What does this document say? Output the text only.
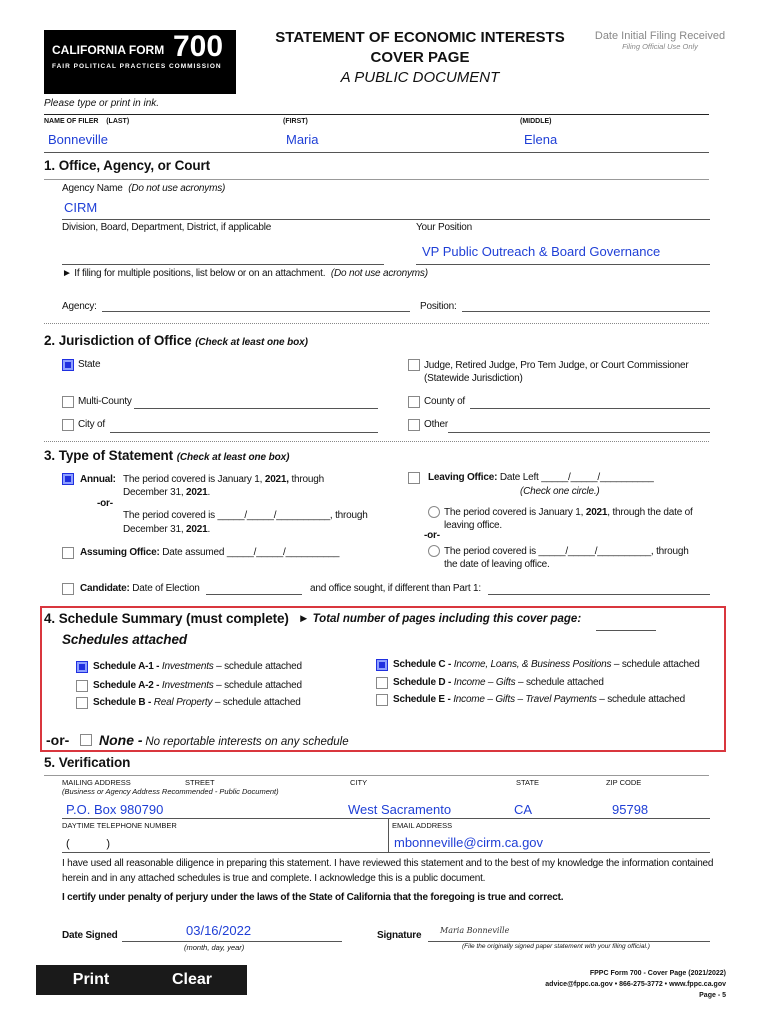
CALIFORNIA FORM 700
FAIR POLITICAL PRACTICES COMMISSION
STATEMENT OF ECONOMIC INTERESTS
COVER PAGE
A PUBLIC DOCUMENT
Date Initial Filing Received
Filing Official Use Only
Please type or print in ink.
NAME OF FILER    (LAST)	(FIRST)	(MIDDLE)
Bonneville	Maria	Elena
1. Office, Agency, or Court
Agency Name (Do not use acronyms)
CIRM
Division, Board, Department, District, if applicable	Your Position
VP Public Outreach & Board Governance
► If filing for multiple positions, list below or on an attachment. (Do not use acronyms)
Agency:	Position:
2. Jurisdiction of Office (Check at least one box)
State	Judge, Retired Judge, Pro Tem Judge, or Court Commissioner
(Statewide Jurisdiction)
Multi-County	County of
City of	Other
3. Type of Statement (Check at least one box)
Annual: The period covered is January 1, 2021, through
December 31, 2021.
-or-
The period covered is _____/_____/__________, through
December 31, 2021.
Leaving Office: Date Left _____/_____/__________
(Check one circle.)
The period covered is January 1, 2021, through the date of
leaving office.
-or-
The period covered is _____/_____/__________, through
the date of leaving office.
Assuming Office: Date assumed _____/_____/__________
Candidate: Date of Election	and office sought, if different than Part 1:
4. Schedule Summary (must complete) ► Total number of pages including this cover page:
Schedules attached
Schedule A-1 - Investments – schedule attached
Schedule A-2 - Investments – schedule attached
Schedule B - Real Property – schedule attached
Schedule C - Income, Loans, & Business Positions – schedule attached
Schedule D - Income – Gifts – schedule attached
Schedule E - Income – Gifts – Travel Payments – schedule attached
-or- None - No reportable interests on any schedule
5. Verification
MAILING ADDRESS	STREET	CITY	STATE	ZIP CODE
(Business or Agency Address Recommended - Public Document)
P.O. Box 980790	West Sacramento	CA	95798
DAYTIME TELEPHONE NUMBER	EMAIL ADDRESS
(            )	mbonneville@cirm.ca.gov
I have used all reasonable diligence in preparing this statement. I have reviewed this statement and to the best of my knowledge the information contained herein and in any attached schedules is true and complete. I acknowledge this is a public document.
I certify under penalty of perjury under the laws of the State of California that the foregoing is true and correct.
Date Signed	03/16/2022
(month, day, year)
Signature Maria Bonneville
(File the originally signed paper statement with your filing official.)
Print	Clear	FPPC Form 700 - Cover Page (2021/2022)
advice@fppc.ca.gov • 866-275-3772 • www.fppc.ca.gov
Page - 5
